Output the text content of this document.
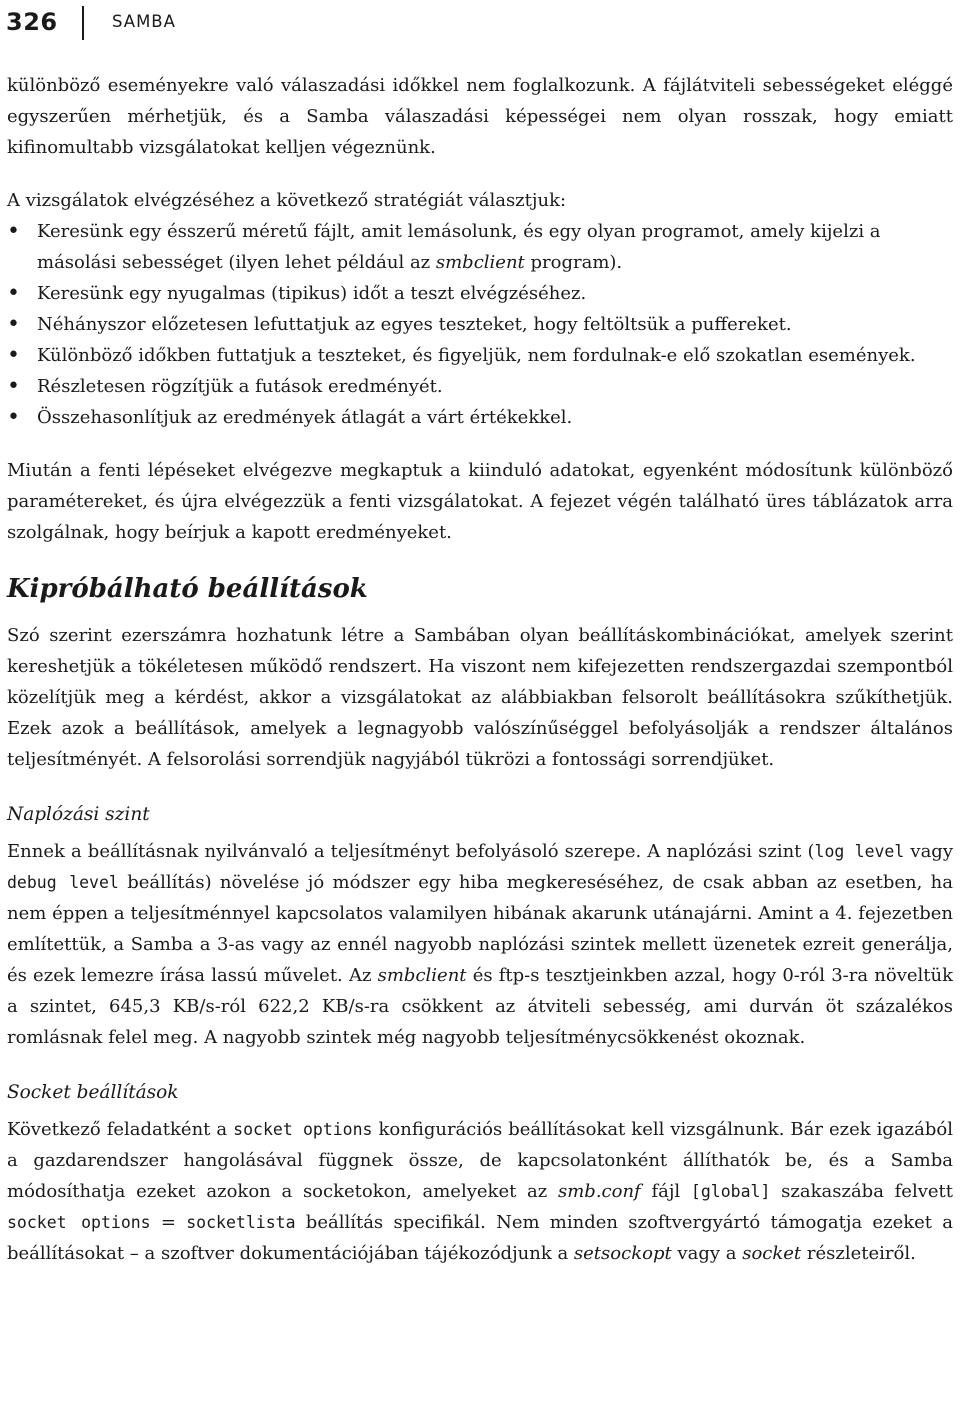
326	SAMBA

különböző eseményekre való válaszadási időkkel nem foglalkozunk. A fájlátviteli sebességeket eléggé egyszerűen mérhetjük, és a Samba válaszadási képességei nem olyan rosszak, hogy emiatt kifinomultabb vizsgálatokat kelljen végeznünk.

A vizsgálatok elvégzéséhez a következő stratégiát választjuk:

• Keresünk egy ésszerű méretű fájlt, amit lemásolunk, és egy olyan programot, amely kijelzi a másolási sebességet (ilyen lehet például az smbclient program).
• Keresünk egy nyugalmas (tipikus) időt a teszt elvégzéséhez.
• Néhányszor előzetesen lefuttatjuk az egyes teszteket, hogy feltöltsük a puffereket.
• Különböző időkben futtatjuk a teszteket, és figyeljük, nem fordulnak-e elő szokatlan események.
• Részletesen rögzítjük a futások eredményét.
• Összehasonlítjuk az eredmények átlagát a várt értékekkel.

Miután a fenti lépéseket elvégezve megkaptuk a kiinduló adatokat, egyenként módosítunk különböző paramétereket, és újra elvégezzük a fenti vizsgálatokat. A fejezet végén található üres táblázatok arra szolgálnak, hogy beírjuk a kapott eredményeket.

Kipróbálható beállítások

Szó szerint ezerszámra hozhatunk létre a Sambában olyan beállításkombinációkat, amelyek szerint kereshetjük a tökéletesen működő rendszert. Ha viszont nem kifejezetten rendszergazdai szempontból közelítjük meg a kérdést, akkor a vizsgálatokat az alábbiakban felsorolt beállításokra szűkíthetjük. Ezek azok a beállítások, amelyek a legnagyobb valószínűséggel befolyásolják a rendszer általános teljesítményét. A felsorolási sorrendjük nagyjából tükrözi a fontossági sorrendjüket.

Naplózási szint

Ennek a beállításnak nyilvánvaló a teljesítményt befolyásoló szerepe. A naplózási szint (log level vagy debug level beállítás) növelése jó módszer egy hiba megkereséséhez, de csak abban az esetben, ha nem éppen a teljesítménnyel kapcsolatos valamilyen hibának akarunk utánajárni. Amint a 4. fejezetben említettük, a Samba a 3-as vagy az ennél nagyobb naplózási szintek mellett üzenetek ezreit generálja, és ezek lemezre írása lassú művelet. Az smbclient és ftp-s tesztjeinkben azzal, hogy 0-ról 3-ra növeltük a szintet, 645,3 KB/s-ról 622,2 KB/s-ra csökkent az átviteli sebesség, ami durván öt százalékos romlásnak felel meg. A nagyobb szintek még nagyobb teljesítménycsökkenést okoznak.

Socket beállítások

Következő feladatként a socket options konfigurációs beállításokat kell vizsgálnunk. Bár ezek igazából a gazdarendszer hangolásával függnek össze, de kapcsolatonként állíthatók be, és a Samba módosíthatja ezeket azokon a socketokon, amelyeket az smb.conf fájl [global] szakaszába felvett socket options = socketlista beállítás specifikál. Nem minden szoftvergyártó támogatja ezeket a beállításokat – a szoftver dokumentációjában tájékozódjunk a setsockopt vagy a socket részleteiről.
